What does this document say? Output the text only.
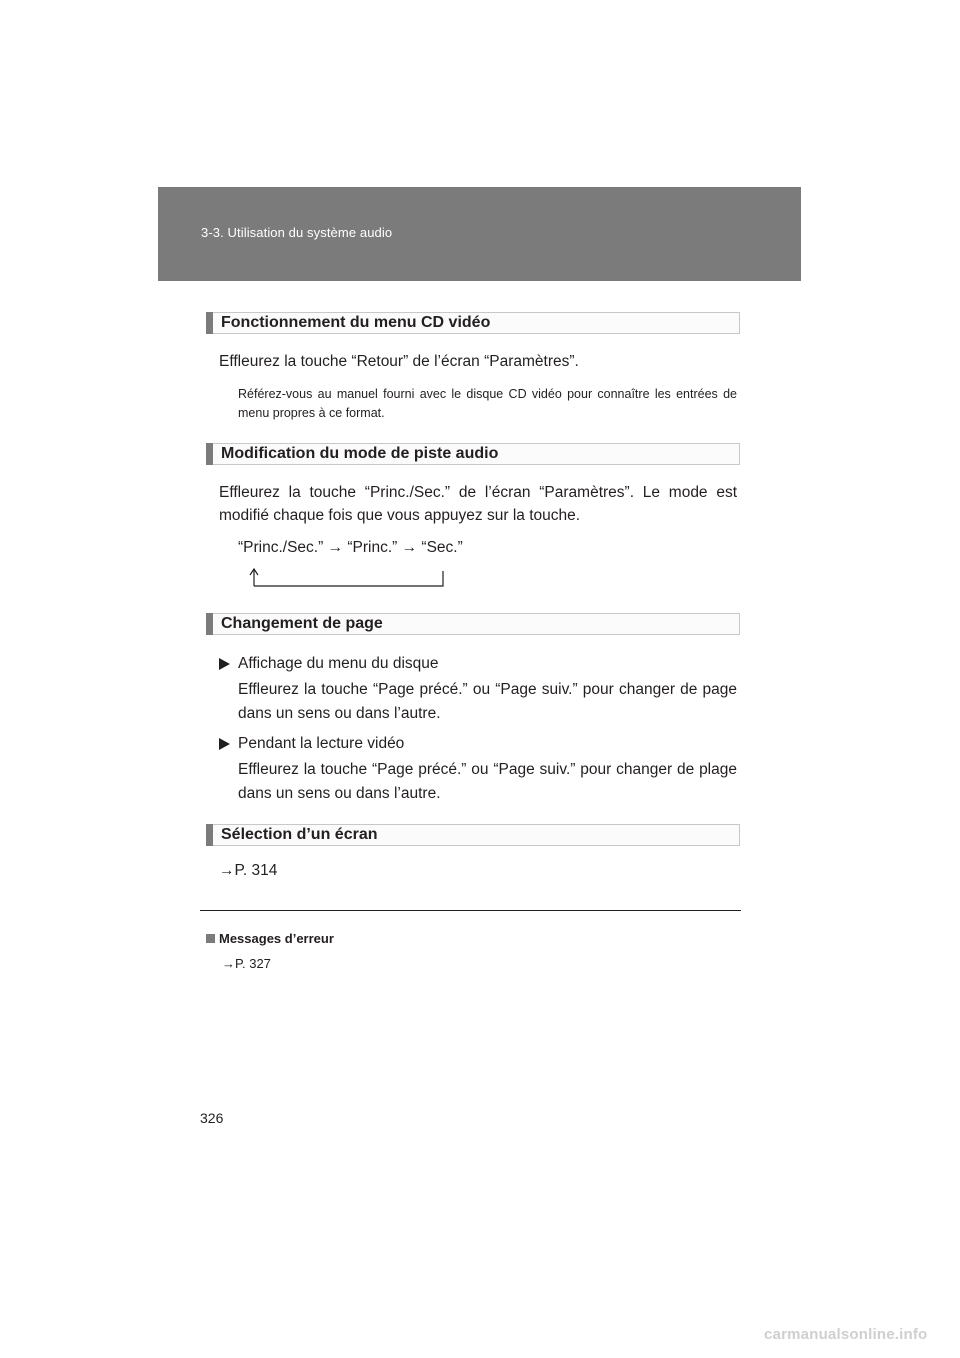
3-3. Utilisation du système audio
Fonctionnement du menu CD vidéo
Effleurez la touche “Retour” de l’écran “Paramètres”.
Référez-vous au manuel fourni avec le disque CD vidéo pour connaître les entrées de menu propres à ce format.
Modification du mode de piste audio
Effleurez la touche “Princ./Sec.” de l’écran “Paramètres”. Le mode est modifié chaque fois que vous appuyez sur la touche.
“Princ./Sec.” → “Princ.” → “Sec.”
Changement de page
Affichage du menu du disque
Effleurez la touche “Page précé.” ou “Page suiv.” pour changer de page dans un sens ou dans l’autre.
Pendant la lecture vidéo
Effleurez la touche “Page précé.” ou “Page suiv.” pour changer de plage dans un sens ou dans l’autre.
Sélection d’un écran
→P. 314
Messages d’erreur
→P. 327
326
carmanualsonline.info
